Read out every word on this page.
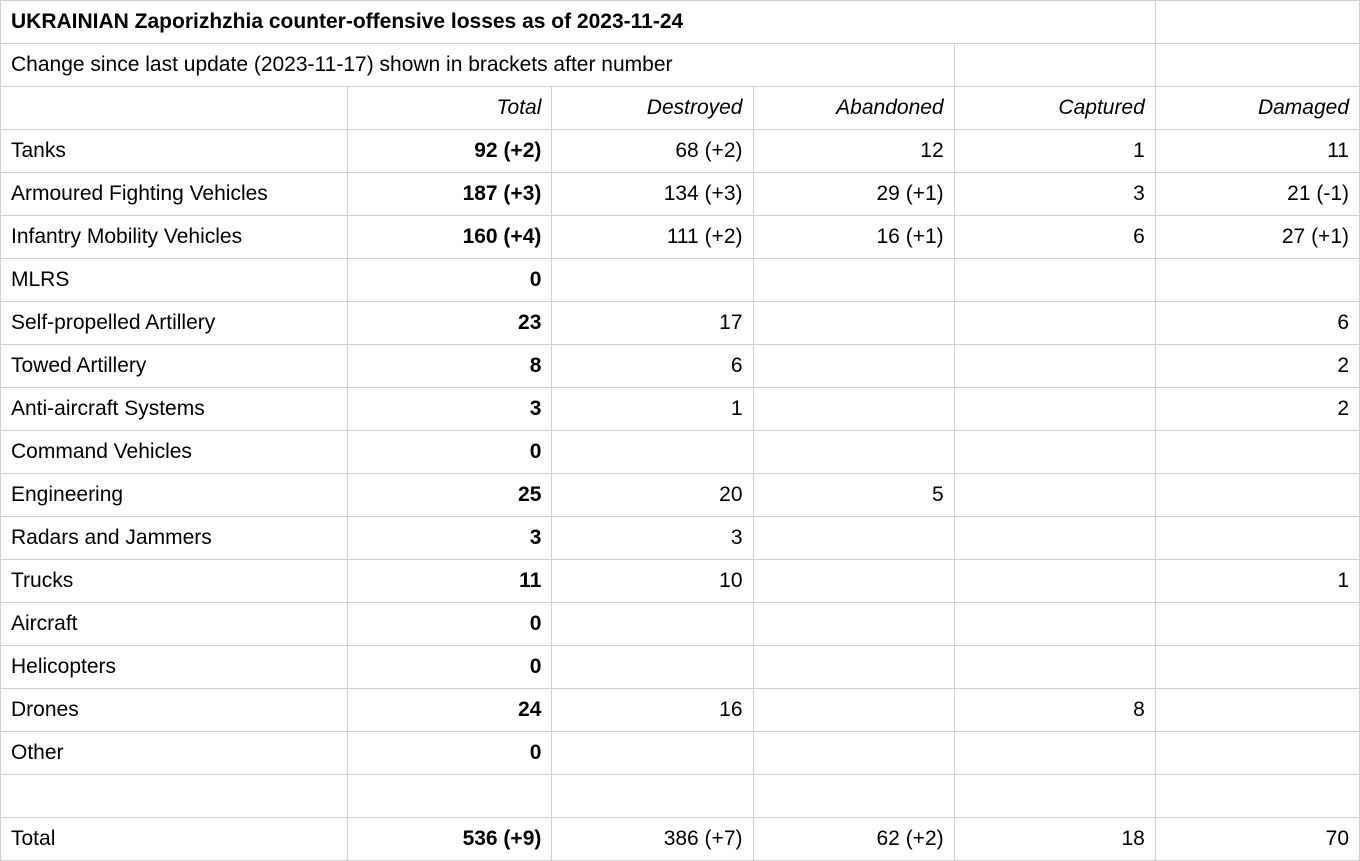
UKRAINIAN Zaporizhzhia counter-offensive losses as of 2023-11-24					
Change since last update (2023-11-17) shown in brackets after number					
	Total	Destroyed	Abandoned	Captured	Damaged
Tanks	92 (+2)	68 (+2)	12	1	11
Armoured Fighting Vehicles	187 (+3)	134 (+3)	29 (+1)	3	21 (-1)
Infantry Mobility Vehicles	160 (+4)	111 (+2)	16 (+1)	6	27 (+1)
MLRS	0				
Self-propelled Artillery	23	17			6
Towed Artillery	8	6			2
Anti-aircraft Systems	3	1			2
Command Vehicles	0				
Engineering	25	20	5		
Radars and Jammers	3	3			
Trucks	11	10			1
Aircraft	0				
Helicopters	0				
Drones	24	16		8	
Other	0				

Total	536 (+9)	386 (+7)	62 (+2)	18	70
